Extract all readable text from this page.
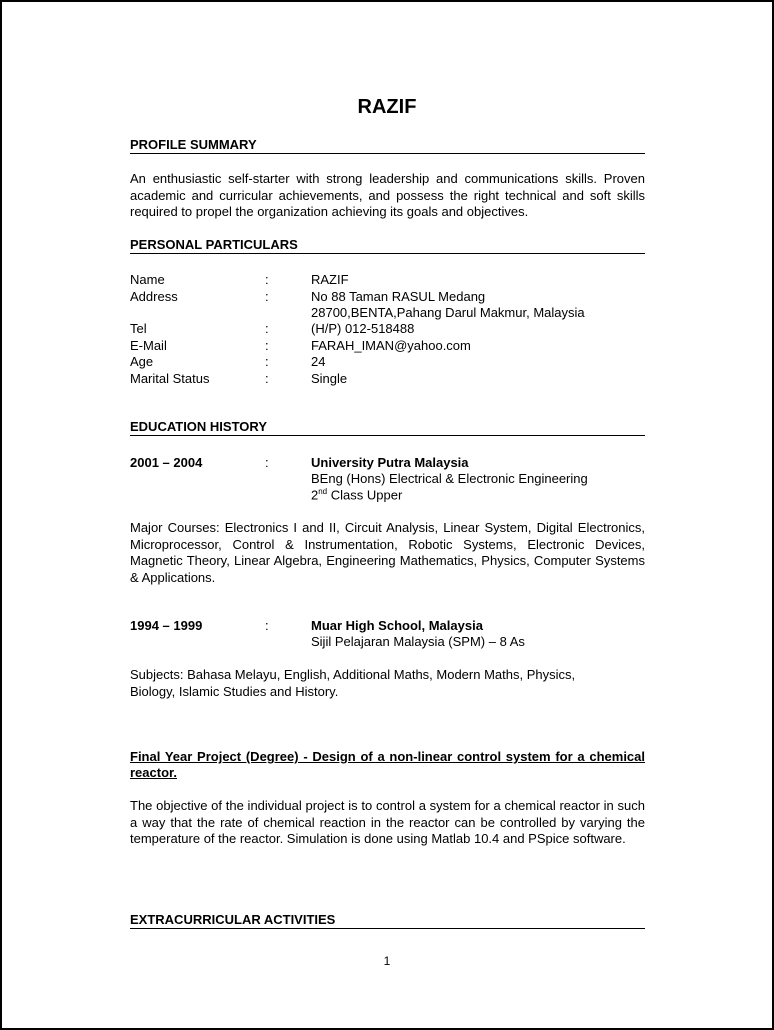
RAZIF
PROFILE SUMMARY
An enthusiastic self-starter with strong leadership and communications skills. Proven academic and curricular achievements, and possess the right technical and soft skills required to propel the organization achieving its goals and objectives.
PERSONAL PARTICULARS
Name	:	RAZIF
Address	:	No 88 Taman RASUL Medang
28700,BENTA,Pahang Darul Makmur, Malaysia
Tel	:	(H/P) 012-518488
E-Mail	:	FARAH_IMAN@yahoo.com
Age	:	24
Marital Status	:	Single
EDUCATION HISTORY
2001 – 2004	:	University Putra Malaysia
BEng (Hons) Electrical & Electronic Engineering
2nd Class Upper
Major Courses: Electronics I and II, Circuit Analysis, Linear System, Digital Electronics, Microprocessor, Control & Instrumentation, Robotic Systems, Electronic Devices, Magnetic Theory, Linear Algebra, Engineering Mathematics, Physics, Computer Systems & Applications.
1994 – 1999	:	Muar High School, Malaysia
Sijil Pelajaran Malaysia (SPM) – 8 As
Subjects: Bahasa Melayu, English, Additional Maths, Modern Maths, Physics, Biology, Islamic Studies and History.
Final Year Project (Degree) - Design of a non-linear control system for a chemical reactor.
The objective of the individual project is to control a system for a chemical reactor in such a way that the rate of chemical reaction in the reactor can be controlled by varying the temperature of the reactor. Simulation is done using Matlab 10.4 and PSpice software.
EXTRACURRICULAR ACTIVITIES
1
